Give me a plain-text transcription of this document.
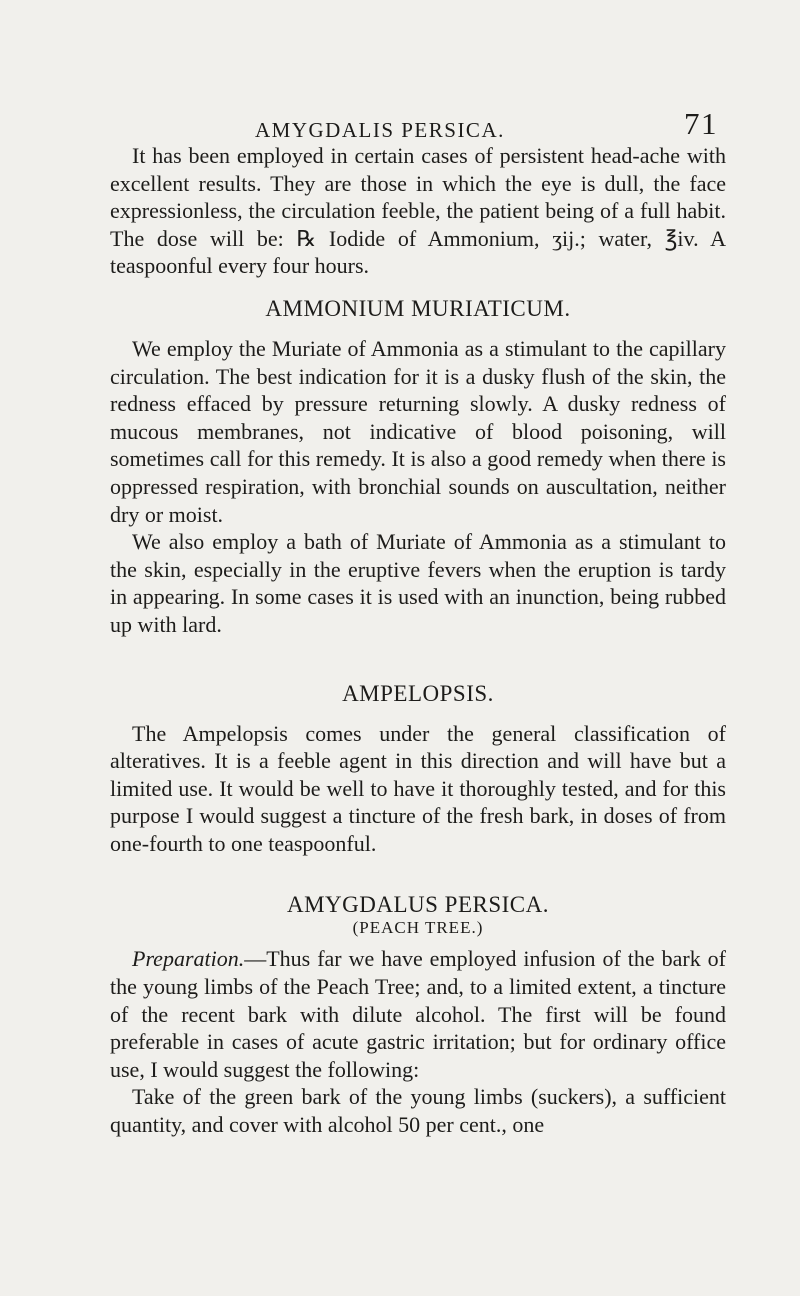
AMYGDALIS PERSICA.	71

It has been employed in certain cases of persistent head-ache with excellent results. They are those in which the eye is dull, the face expressionless, the circulation feeble, the patient being of a full habit. The dose will be: ℞ Iodide of Ammonium, ʒij.; water, ℥iv. A teaspoonful every four hours.

AMMONIUM MURIATICUM.

We employ the Muriate of Ammonia as a stimulant to the capillary circulation. The best indication for it is a dusky flush of the skin, the redness effaced by pressure returning slowly. A dusky redness of mucous membranes, not indicative of blood poisoning, will sometimes call for this remedy. It is also a good remedy when there is oppressed respiration, with bronchial sounds on auscultation, neither dry or moist.

We also employ a bath of Muriate of Ammonia as a stimulant to the skin, especially in the eruptive fevers when the eruption is tardy in appearing. In some cases it is used with an inunction, being rubbed up with lard.

AMPELOPSIS.

The Ampelopsis comes under the general classification of alteratives. It is a feeble agent in this direction and will have but a limited use. It would be well to have it thoroughly tested, and for this purpose I would suggest a tincture of the fresh bark, in doses of from one-fourth to one teaspoonful.

AMYGDALUS PERSICA.
(PEACH TREE.)

Preparation.—Thus far we have employed infusion of the bark of the young limbs of the Peach Tree; and, to a limited extent, a tincture of the recent bark with dilute alcohol. The first will be found preferable in cases of acute gastric irritation; but for ordinary office use, I would suggest the following:

Take of the green bark of the young limbs (suckers), a sufficient quantity, and cover with alcohol 50 per cent., one
